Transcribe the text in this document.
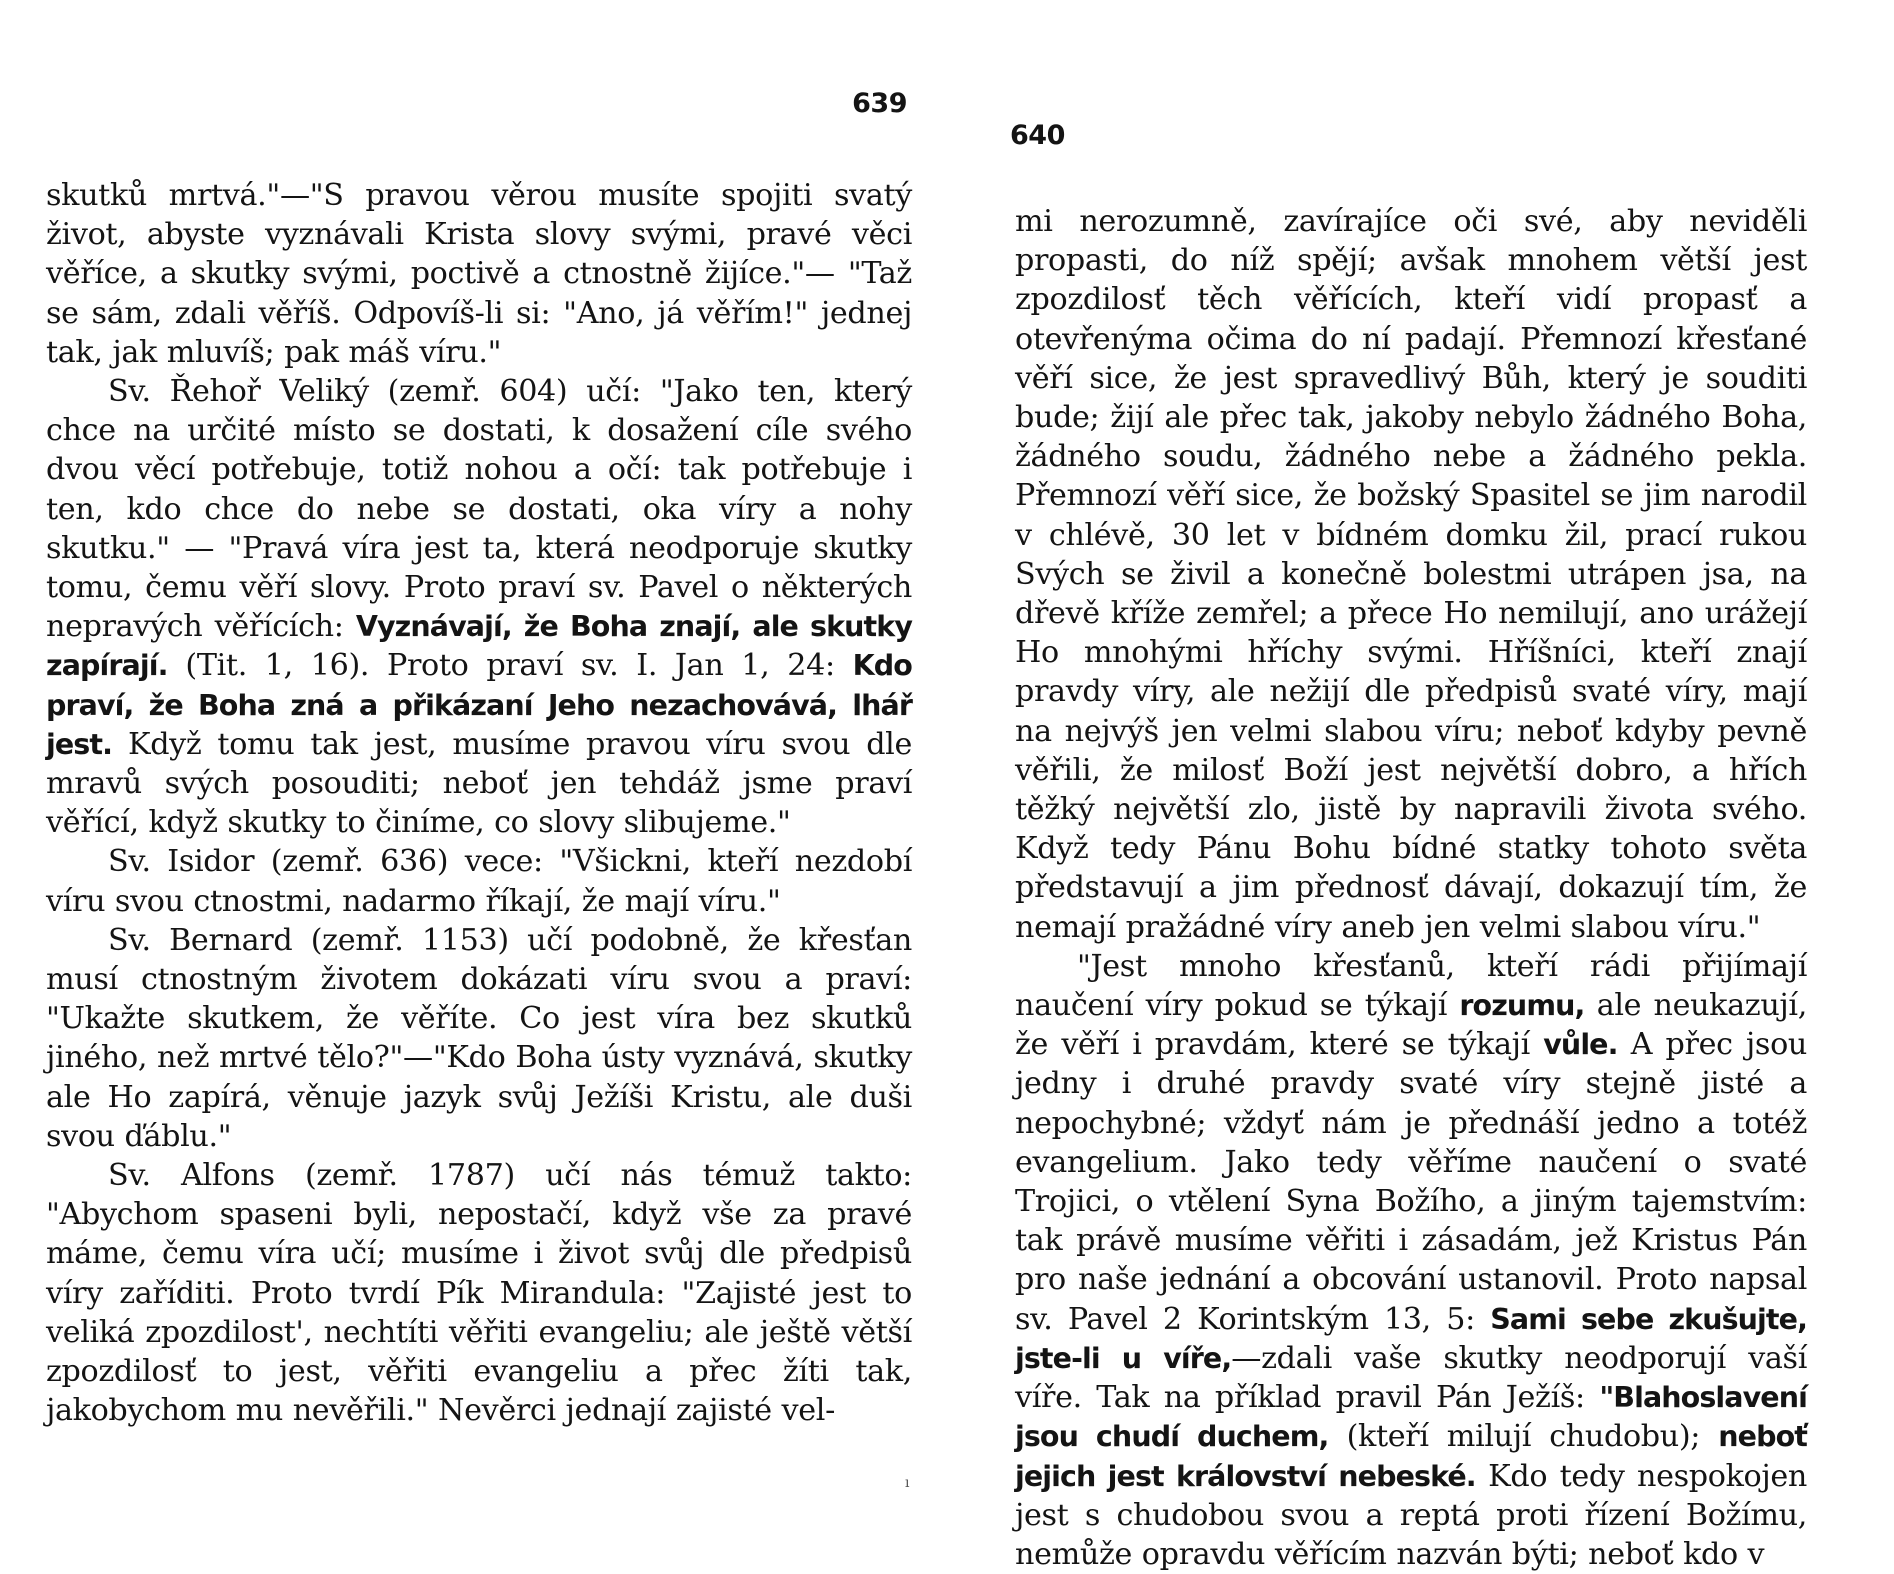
639

skutků mrtvá."—"S pravou věrou musíte spojiti svatý život, abyste vyznávali Krista slovy svými, pravé věci věříce, a skutky svými, poctivě a ctnostně žijíce."— "Taž se sám, zdali věříš. Odpovíš-li si: "Ano, já věřím!" jednej tak, jak mluvíš; pak máš víru."

Sv. Řehoř Veliký (zemř. 604) učí: "Jako ten, který chce na určité místo se dostati, k dosažení cíle svého dvou věcí potřebuje, totiž nohou a očí: tak potřebuje i ten, kdo chce do nebe se dostati, oka víry a nohy skutku." — "Pravá víra jest ta, která neodporuje skutky tomu, čemu věří slovy. Proto praví sv. Pavel o některých nepravých věřících: Vyznávají, že Boha znají, ale skutky zapírají. (Tit. 1, 16). Proto praví sv. I. Jan 1, 24: Kdo praví, že Boha zná a přikázaní Jeho nezachovává, lhář jest. Když tomu tak jest, musíme pravou víru svou dle mravů svých posouditi; neboť jen tehdáž jsme praví věřící, když skutky to činíme, co slovy slibujeme."

Sv. Isidor (zemř. 636) vece: "Všickni, kteří nezdobí víru svou ctnostmi, nadarmo říkají, že mají víru."

Sv. Bernard (zemř. 1153) učí podobně, že křesťan musí ctnostným životem dokázati víru svou a praví: "Ukažte skutkem, že věříte. Co jest víra bez skutků jiného, než mrtvé tělo?"—"Kdo Boha ústy vyznává, skutky ale Ho zapírá, věnuje jazyk svůj Ježíši Kristu, ale duši svou ďáblu."

Sv. Alfons (zemř. 1787) učí nás témuž takto: "Abychom spaseni byli, nepostačí, když vše za pravé máme, čemu víra učí; musíme i život svůj dle předpisů víry zaříditi. Proto tvrdí Pík Mirandula: "Zajisté jest to veliká zpozdilost', nechtíti věřiti evangeliu; ale ještě větší zpozdilosť to jest, věřiti evangeliu a přec žíti tak, jakobychom mu nevěřili." Nevěrci jednají zajisté vel-

ı
640

mi nerozumně, zavírajíce oči své, aby neviděli propasti, do níž spějí; avšak mnohem větší jest zpozdilosť těch věřících, kteří vidí propasť a otevřenýma očima do ní padají. Přemnozí křesťané věří sice, že jest spravedlivý Bůh, který je souditi bude; žijí ale přec tak, jakoby nebylo žádného Boha, žádného soudu, žádného nebe a žádného pekla. Přemnozí věří sice, že božský Spasitel se jim narodil v chlévě, 30 let v bídném domku žil, prací rukou Svých se živil a konečně bolestmi utrápen jsa, na dřevě kříže zemřel; a přece Ho nemilují, ano urážejí Ho mnohými hříchy svými. Hříšníci, kteří znají pravdy víry, ale nežijí dle předpisů svaté víry, mají na nejvýš jen velmi slabou víru; neboť kdyby pevně věřili, že milosť Boží jest největší dobro, a hřích těžký největší zlo, jistě by napravili života svého. Když tedy Pánu Bohu bídné statky tohoto světa představují a jim přednosť dávají, dokazují tím, že nemají pražádné víry aneb jen velmi slabou víru."

"Jest mnoho křesťanů, kteří rádi přijímají naučení víry pokud se týkají rozumu, ale neukazují, že věří i pravdám, které se týkají vůle. A přec jsou jedny i druhé pravdy svaté víry stejně jisté a nepochybné; vždyť nám je přednáší jedno a totéž evangelium. Jako tedy věříme naučení o svaté Trojici, o vtělení Syna Božího, a jiným tajemstvím: tak právě musíme věřiti i zásadám, jež Kristus Pán pro naše jednání a obcování ustanovil. Proto napsal sv. Pavel 2 Korintským 13, 5: Sami sebe zkušujte, jste-li u víře,—zdali vaše skutky neodporují vaší víře. Tak na příklad pravil Pán Ježíš: "Blahoslavení jsou chudí duchem, (kteří milují chudobu); neboť jejich jest království nebeské. Kdo tedy nespokojen jest s chudobou svou a reptá proti řízení Božímu, nemůže opravdu věřícím nazván býti; neboť kdo v
